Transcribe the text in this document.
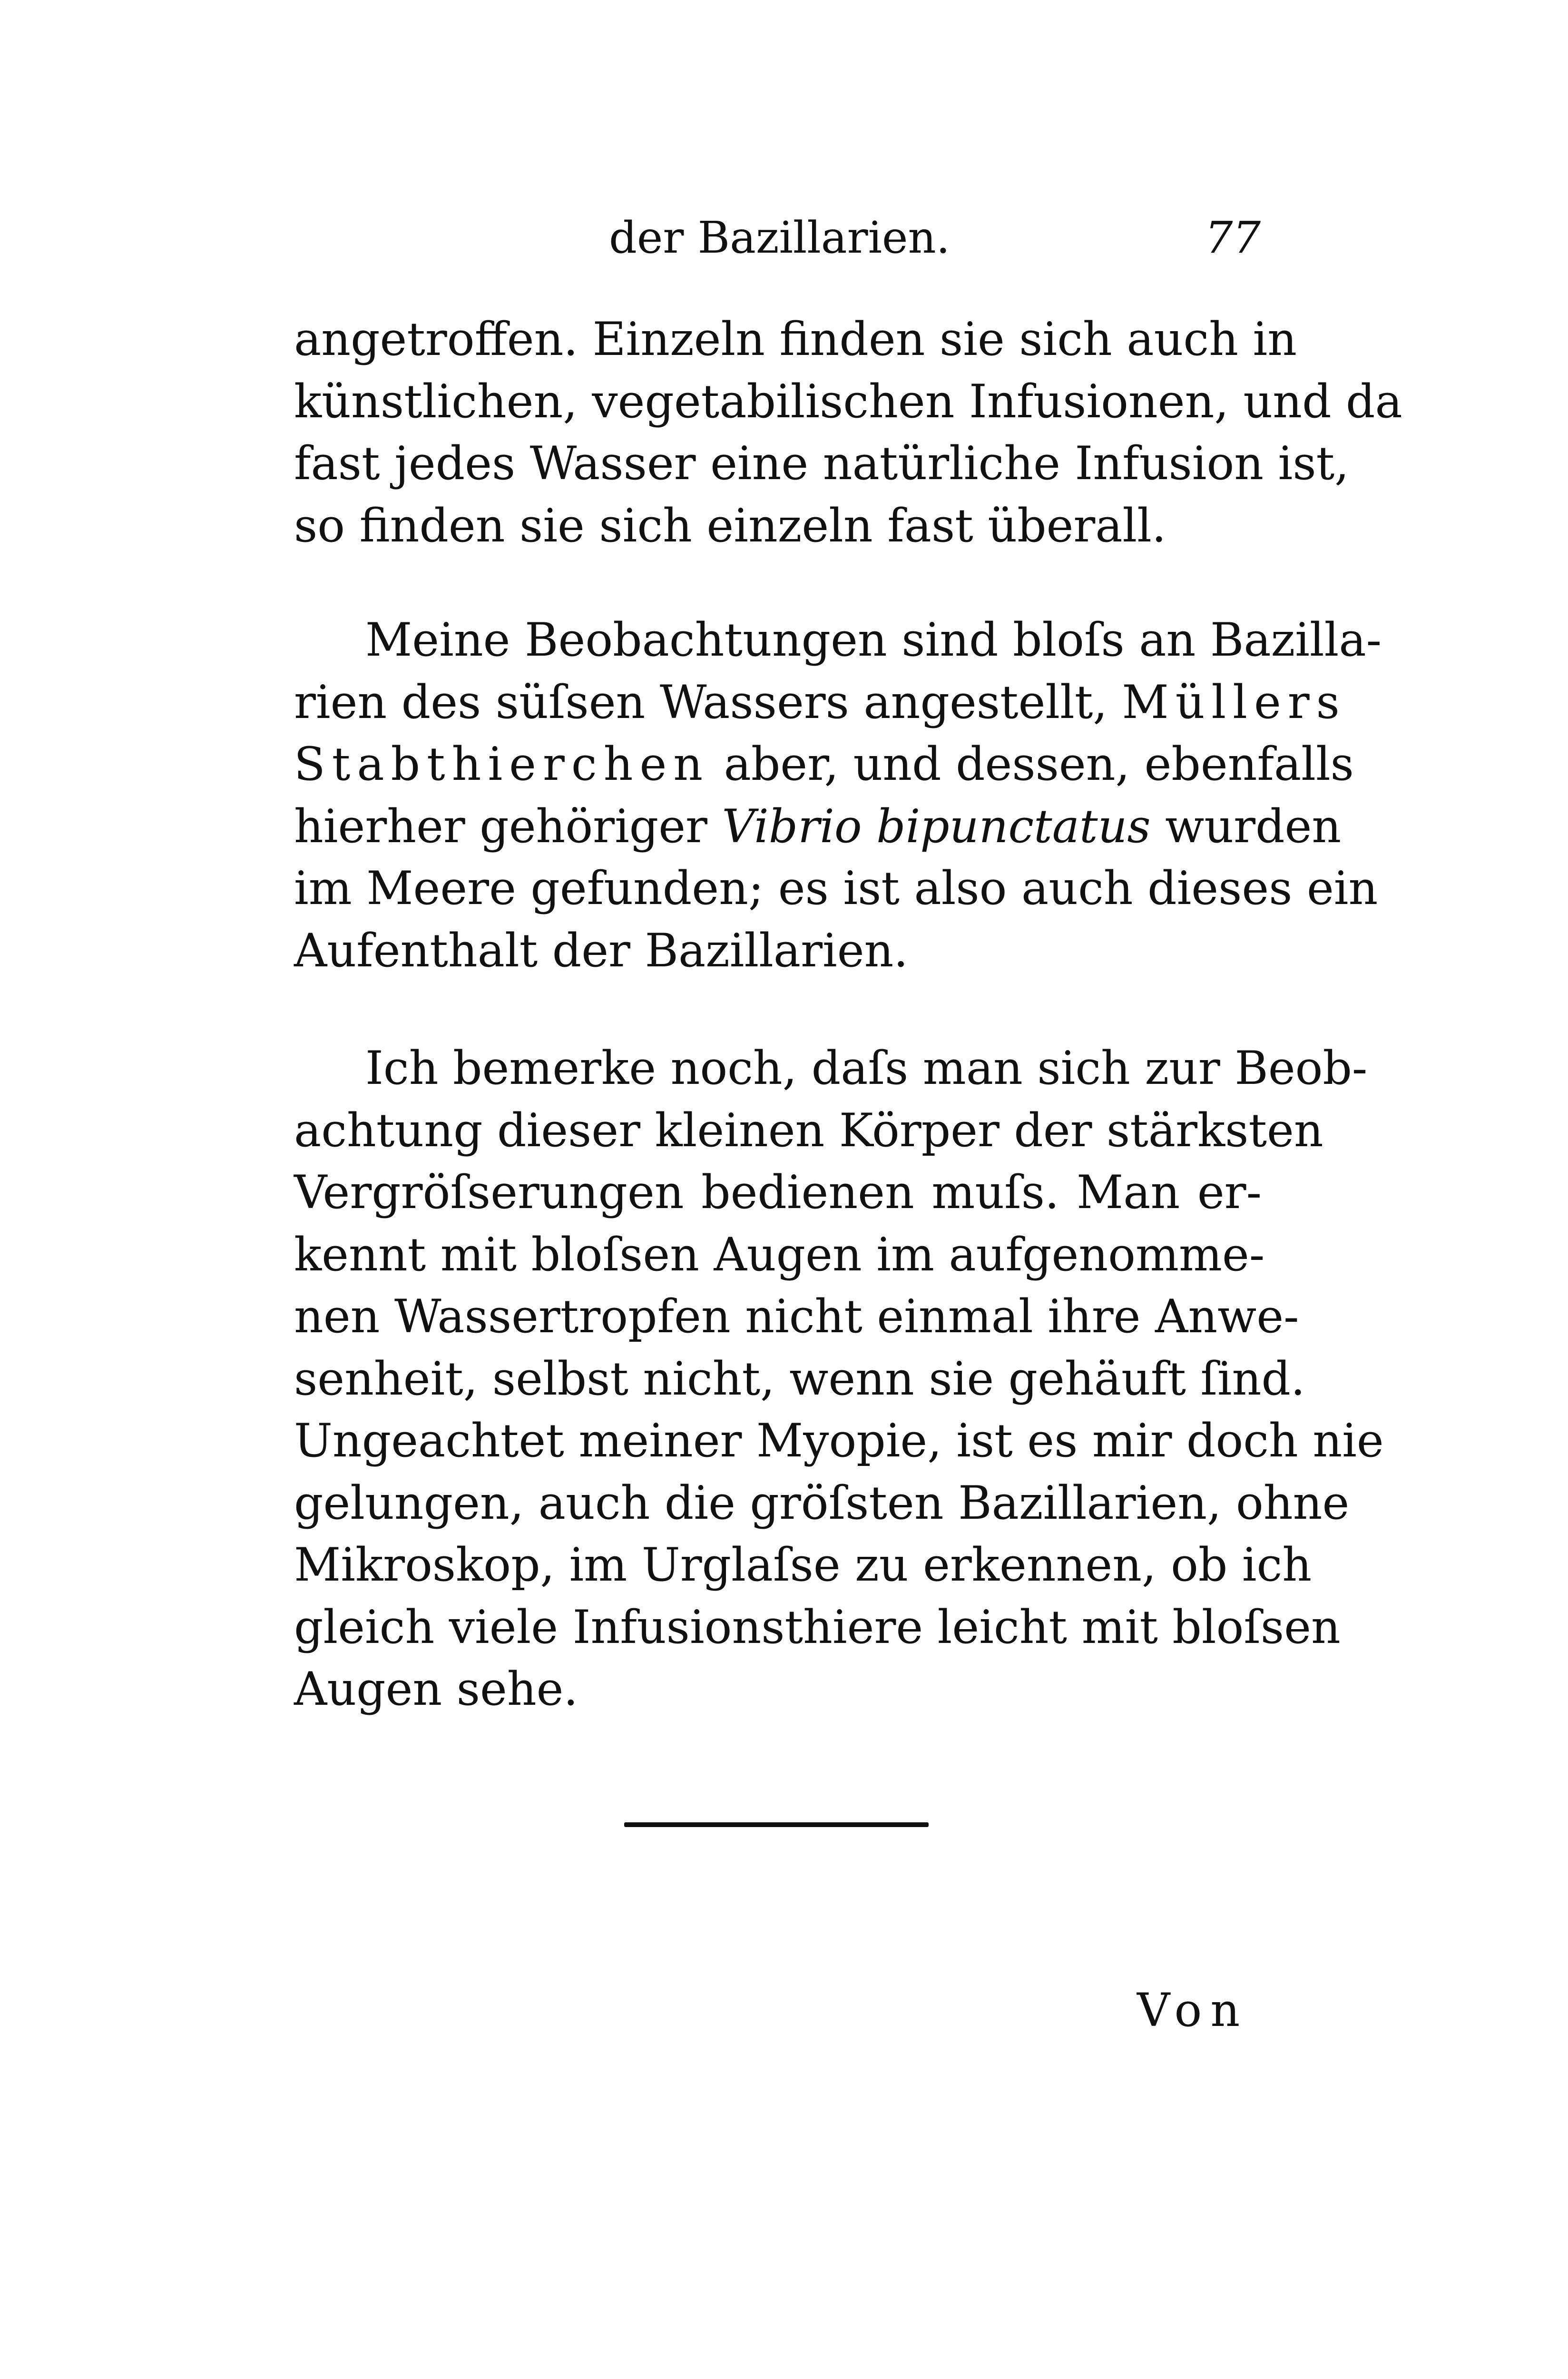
der Bazillarien.	77
angetroffen. Einzeln finden sie sich auch in
künstlichen, vegetabilischen Infusionen, und da
fast jedes Wasser eine natürliche Infusion ist,
so finden sie sich einzeln fast überall.
Meine Beobachtungen sind bloſs an Bazilla-
rien des süſsen Wassers angestellt, Müllers
Stabthierchen aber, und dessen, ebenfalls
hierher gehöriger Vibrio bipunctatus wurden
im Meere gefunden; es ist also auch dieses ein
Aufenthalt der Bazillarien.
Ich bemerke noch, daſs man sich zur Beob-
achtung dieser kleinen Körper der stärksten
Vergröſserungen bedienen muſs. Man er-
kennt mit bloſsen Augen im aufgenomme-
nen Wassertropfen nicht einmal ihre Anwe-
senheit, selbst nicht, wenn sie gehäuft ſind.
Ungeachtet meiner Myopie, ist es mir doch nie
gelungen, auch die gröſsten Bazillarien, ohne
Mikroskop, im Urglaſse zu erkennen, ob ich
gleich viele Infusionsthiere leicht mit bloſsen
Augen sehe.
Von
